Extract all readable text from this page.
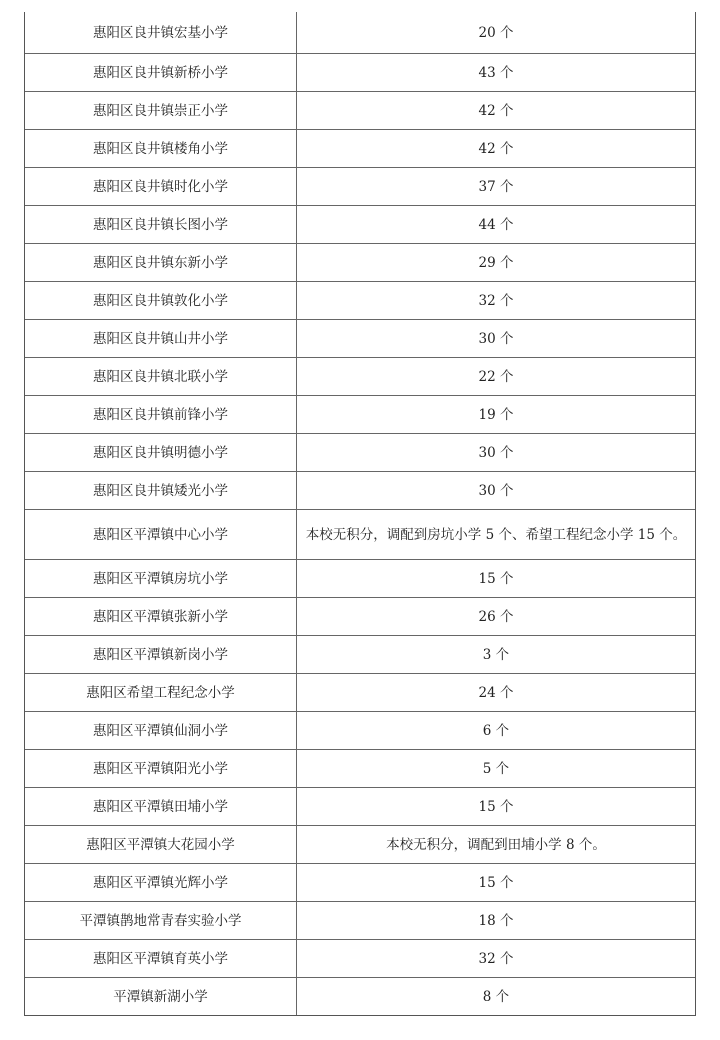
惠阳区良井镇宏基小学	20 个
惠阳区良井镇新桥小学	43 个
惠阳区良井镇崇正小学	42 个
惠阳区良井镇楼角小学	42 个
惠阳区良井镇时化小学	37 个
惠阳区良井镇长图小学	44 个
惠阳区良井镇东新小学	29 个
惠阳区良井镇敦化小学	32 个
惠阳区良井镇山井小学	30 个
惠阳区良井镇北联小学	22 个
惠阳区良井镇前锋小学	19 个
惠阳区良井镇明德小学	30 个
惠阳区良井镇矮光小学	30 个
惠阳区平潭镇中心小学	本校无积分，调配到房坑小学 5 个、希望工程纪念小学 15 个。
惠阳区平潭镇房坑小学	15 个
惠阳区平潭镇张新小学	26 个
惠阳区平潭镇新岗小学	3 个
惠阳区希望工程纪念小学	24 个
惠阳区平潭镇仙洞小学	6 个
惠阳区平潭镇阳光小学	5 个
惠阳区平潭镇田埔小学	15 个
惠阳区平潭镇大花园小学	本校无积分，调配到田埔小学 8 个。
惠阳区平潭镇光辉小学	15 个
平潭镇鹊地常青春实验小学	18 个
惠阳区平潭镇育英小学	32 个
平潭镇新湖小学	8 个
